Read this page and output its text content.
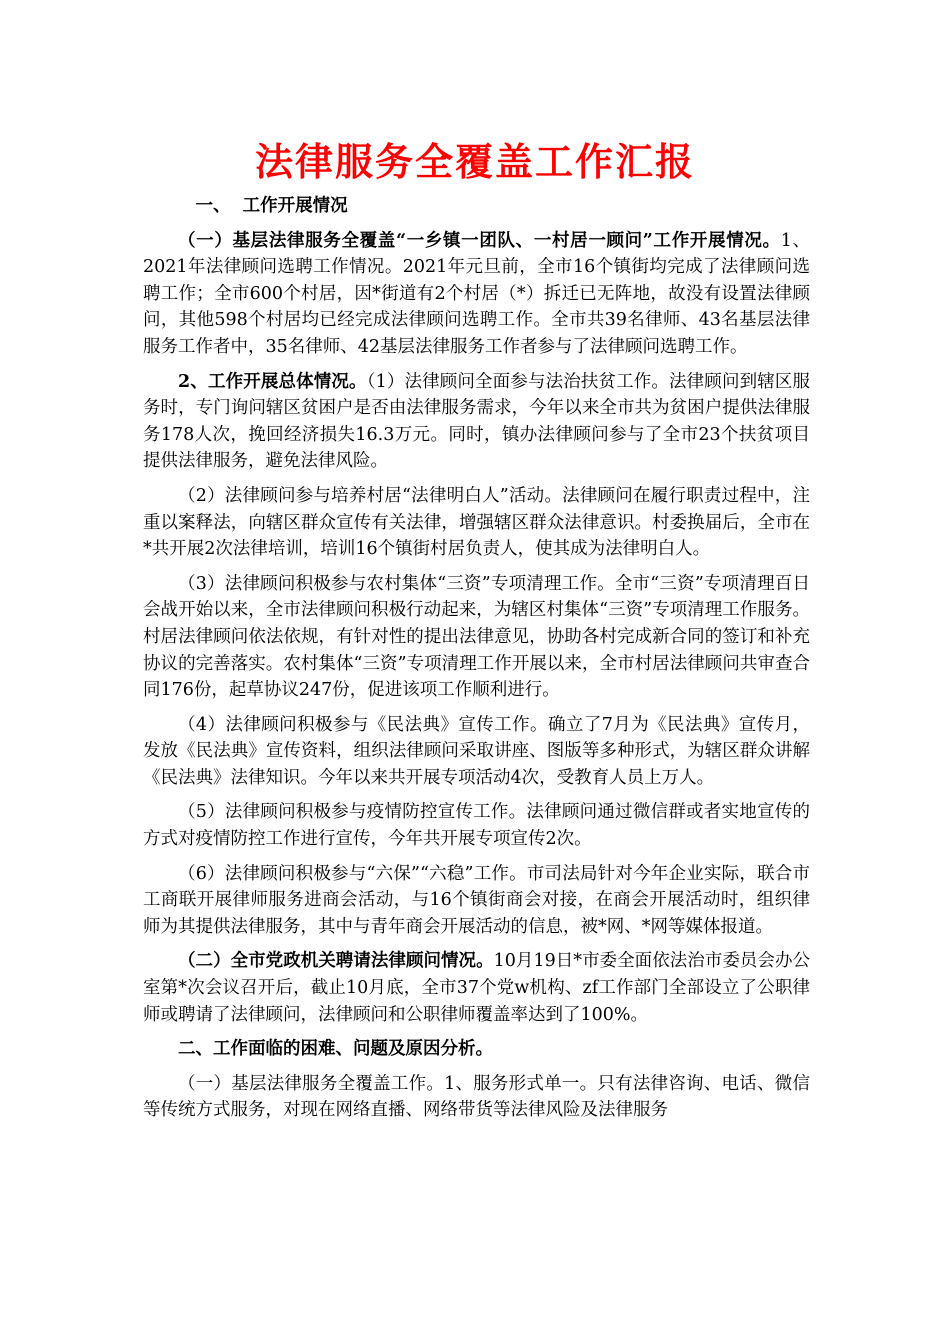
法律服务全覆盖工作汇报
一、  工作开展情况

（一）基层法律服务全覆盖“一乡镇一团队、一村居一顾问”工作开展情况。1、2021年法律顾问选聘工作情况。2021年元旦前，全市16个镇街均完成了法律顾问选聘工作；全市600个村居，因*街道有2个村居（*）拆迁已无阵地，故没有设置法律顾问，其他598个村居均已经完成法律顾问选聘工作。全市共39名律师、43名基层法律服务工作者中，35名律师、42基层法律服务工作者参与了法律顾问选聘工作。

2、工作开展总体情况。（1）法律顾问全面参与法治扶贫工作。法律顾问到辖区服务时，专门询问辖区贫困户是否由法律服务需求，今年以来全市共为贫困户提供法律服务178人次，挽回经济损失16.3万元。同时，镇办法律顾问参与了全市23个扶贫项目提供法律服务，避免法律风险。

（2）法律顾问参与培养村居“法律明白人”活动。法律顾问在履行职责过程中，注重以案释法，向辖区群众宣传有关法律，增强辖区群众法律意识。村委换届后，全市在*共开展2次法律培训，培训16个镇街村居负责人，使其成为法律明白人。

（3）法律顾问积极参与农村集体“三资”专项清理工作。全市“三资”专项清理百日会战开始以来，全市法律顾问积极行动起来，为辖区村集体“三资”专项清理工作服务。村居法律顾问依法依规，有针对性的提出法律意见，协助各村完成新合同的签订和补充协议的完善落实。农村集体“三资”专项清理工作开展以来，全市村居法律顾问共审查合同176份，起草协议247份，促进该项工作顺利进行。

（4）法律顾问积极参与《民法典》宣传工作。确立了7月为《民法典》宣传月，发放《民法典》宣传资料，组织法律顾问采取讲座、图版等多种形式，为辖区群众讲解《民法典》法律知识。今年以来共开展专项活动4次，受教育人员上万人。

（5）法律顾问积极参与疫情防控宣传工作。法律顾问通过微信群或者实地宣传的方式对疫情防控工作进行宣传，今年共开展专项宣传2次。

（6）法律顾问积极参与“六保”“六稳”工作。市司法局针对今年企业实际，联合市工商联开展律师服务进商会活动，与16个镇街商会对接，在商会开展活动时，组织律师为其提供法律服务，其中与青年商会开展活动的信息，被*网、*网等媒体报道。

（二）全市党政机关聘请法律顾问情况。10月19日*市委全面依法治市委员会办公室第*次会议召开后，截止10月底，全市37个党w机构、zf工作部门全部设立了公职律师或聘请了法律顾问，法律顾问和公职律师覆盖率达到了100%。

二、工作面临的困难、问题及原因分析。

（一）基层法律服务全覆盖工作。1、服务形式单一。只有法律咨询、电话、微信等传统方式服务，对现在网络直播、网络带货等法律风险及法律服务
